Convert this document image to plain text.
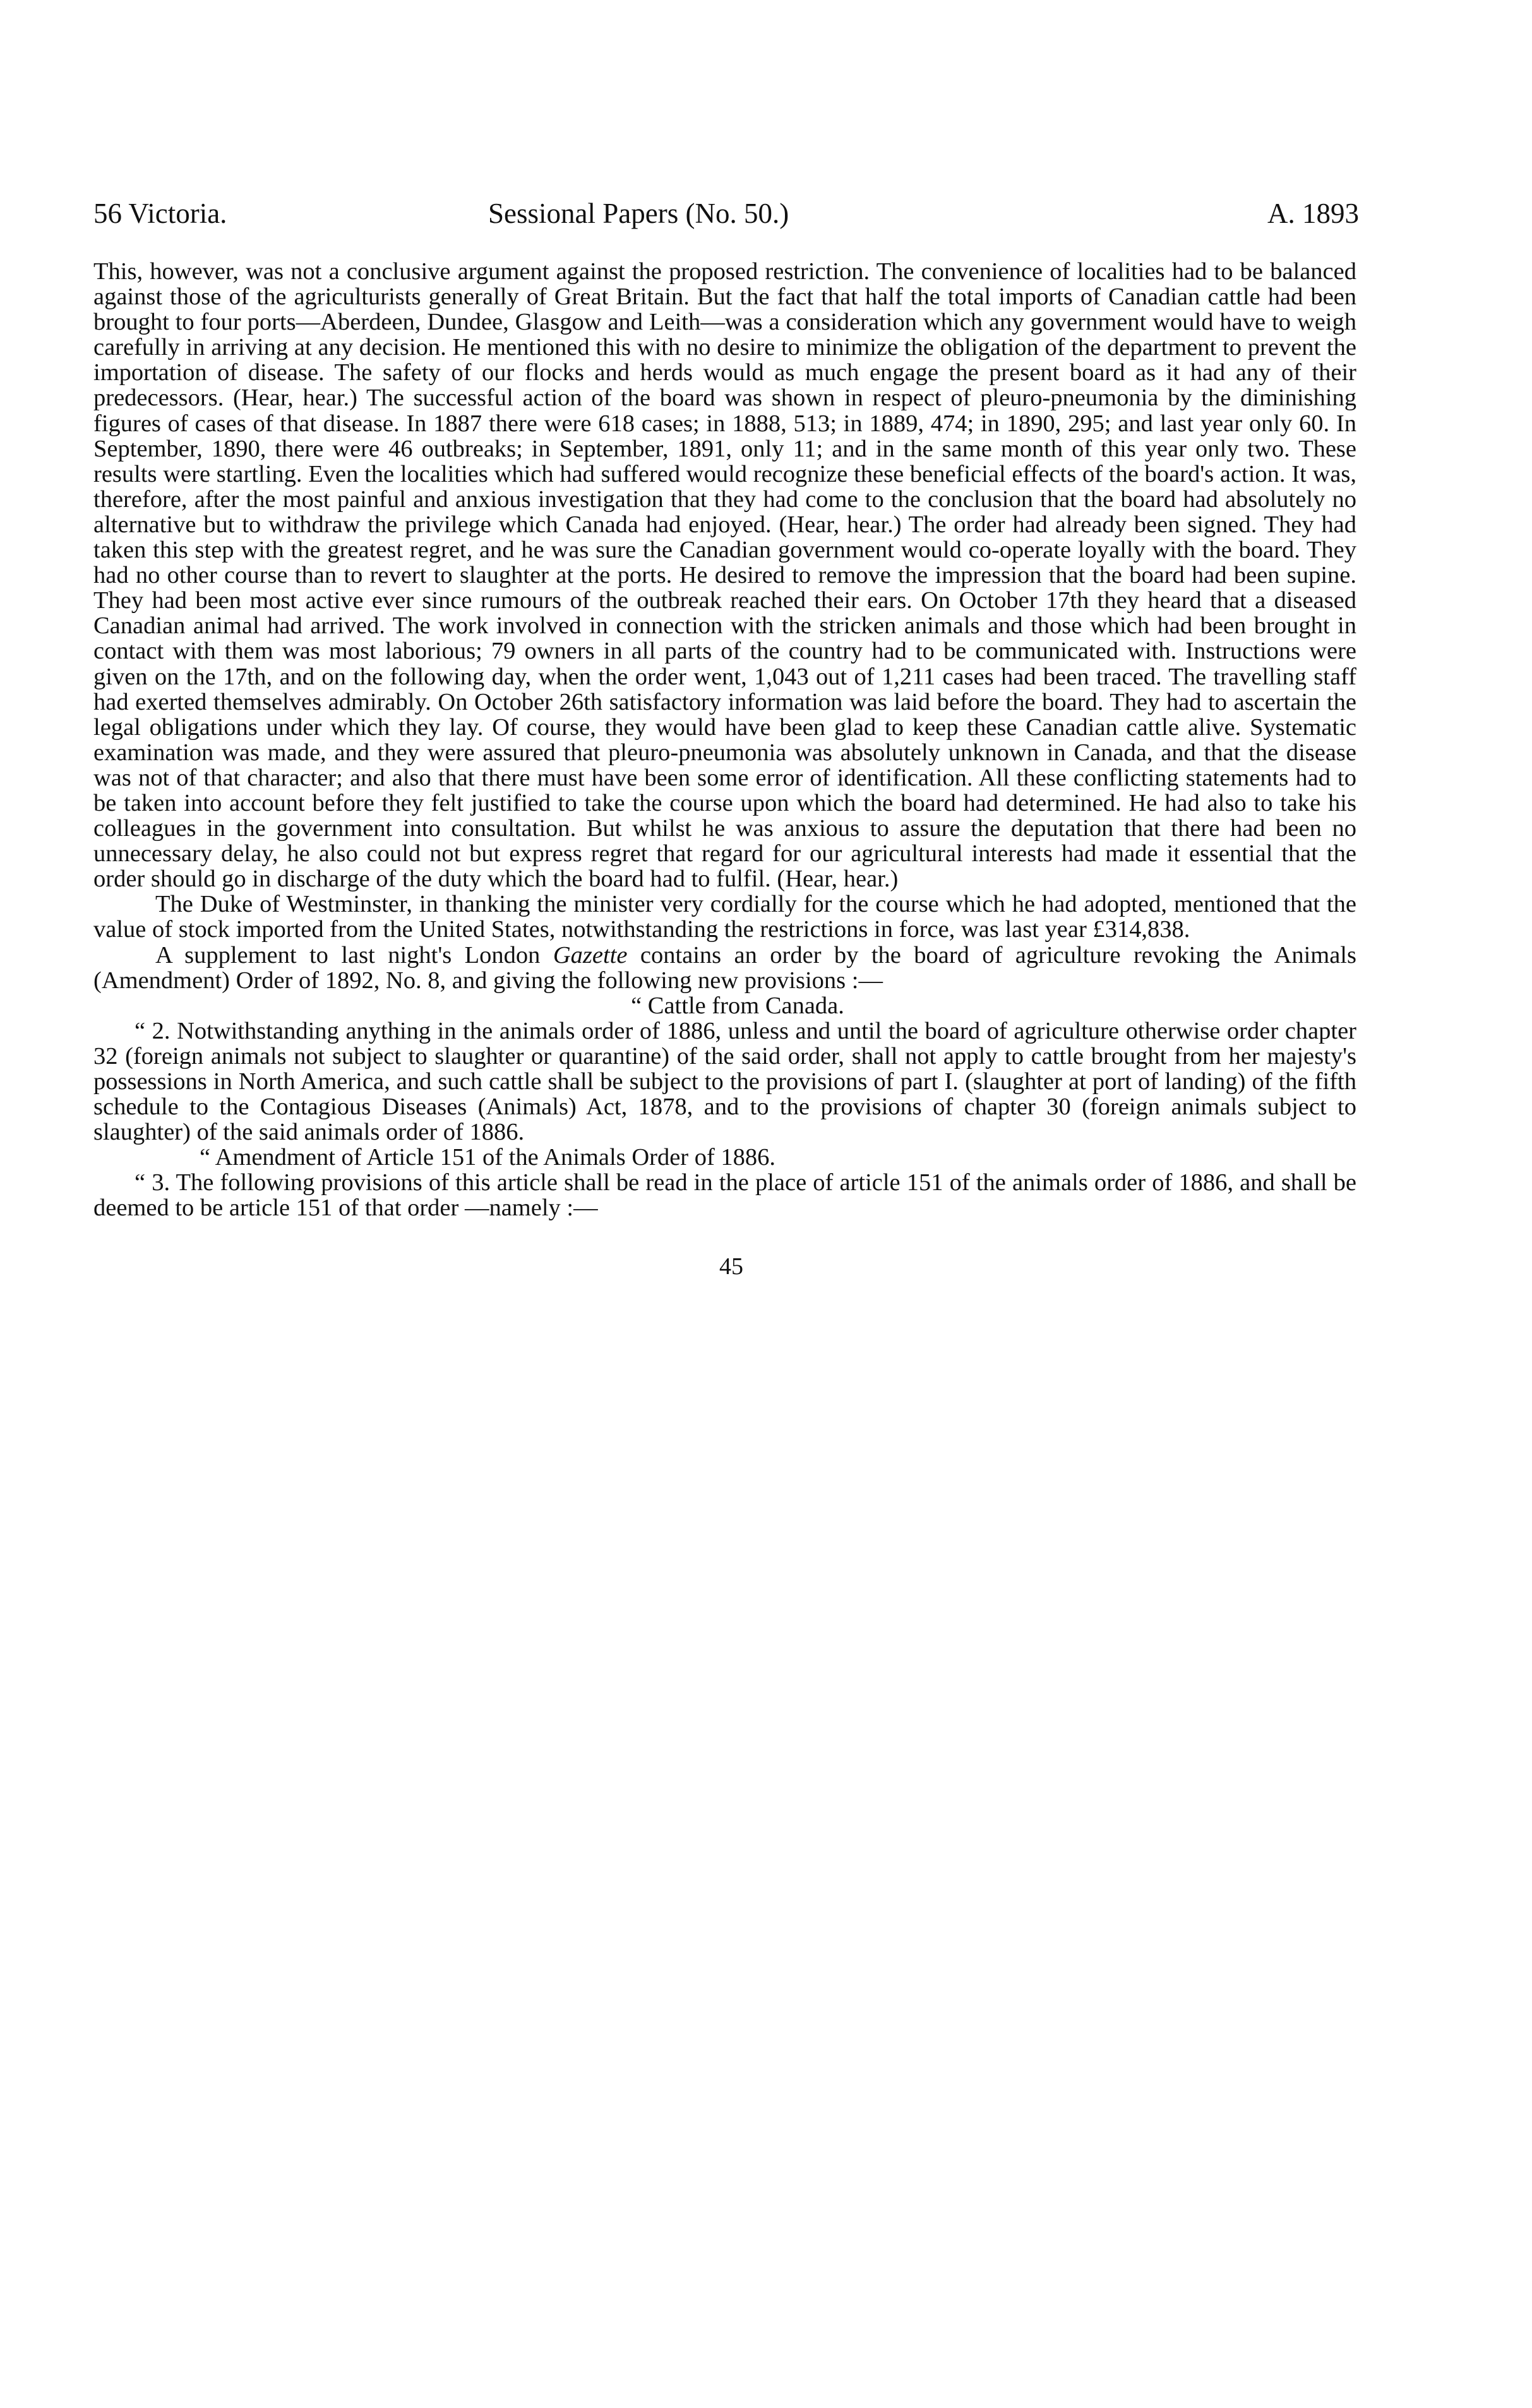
56 Victoria.	Sessional Papers (No. 50.)	A. 1893

This, however, was not a conclusive argument against the proposed restriction. The convenience of localities had to be balanced against those of the agriculturists generally of Great Britain. But the fact that half the total imports of Canadian cattle had been brought to four ports—Aberdeen, Dundee, Glasgow and Leith—was a consideration which any government would have to weigh carefully in arriving at any decision. He mentioned this with no desire to minimize the obligation of the department to prevent the importation of disease. The safety of our flocks and herds would as much engage the present board as it had any of their predecessors. (Hear, hear.) The successful action of the board was shown in respect of pleuro-pneumonia by the diminishing figures of cases of that disease. In 1887 there were 618 cases; in 1888, 513; in 1889, 474; in 1890, 295; and last year only 60. In September, 1890, there were 46 outbreaks; in September, 1891, only 11; and in the same month of this year only two. These results were startling. Even the localities which had suffered would recognize these beneficial effects of the board's action. It was, therefore, after the most painful and anxious investigation that they had come to the conclusion that the board had absolutely no alternative but to withdraw the privilege which Canada had enjoyed. (Hear, hear.) The order had already been signed. They had taken this step with the greatest regret, and he was sure the Canadian government would co-operate loyally with the board. They had no other course than to revert to slaughter at the ports. He desired to remove the impression that the board had been supine. They had been most active ever since rumours of the outbreak reached their ears. On October 17th they heard that a diseased Canadian animal had arrived. The work involved in connection with the stricken animals and those which had been brought in contact with them was most laborious; 79 owners in all parts of the country had to be communicated with. Instructions were given on the 17th, and on the following day, when the order went, 1,043 out of 1,211 cases had been traced. The travelling staff had exerted themselves admirably. On October 26th satisfactory information was laid before the board. They had to ascertain the legal obligations under which they lay. Of course, they would have been glad to keep these Canadian cattle alive. Systematic examination was made, and they were assured that pleuro-pneumonia was absolutely unknown in Canada, and that the disease was not of that character; and also that there must have been some error of identification. All these conflicting statements had to be taken into account before they felt justified to take the course upon which the board had determined. He had also to take his colleagues in the government into consultation. But whilst he was anxious to assure the deputation that there had been no unnecessary delay, he also could not but express regret that regard for our agricultural interests had made it essential that the order should go in discharge of the duty which the board had to fulfil. (Hear, hear.)

The Duke of Westminster, in thanking the minister very cordially for the course which he had adopted, mentioned that the value of stock imported from the United States, notwithstanding the restrictions in force, was last year £314,838.

A supplement to last night's London Gazette contains an order by the board of agriculture revoking the Animals (Amendment) Order of 1892, No. 8, and giving the following new provisions :—

“ Cattle from Canada.

“ 2. Notwithstanding anything in the animals order of 1886, unless and until the board of agriculture otherwise order chapter 32 (foreign animals not subject to slaughter or quarantine) of the said order, shall not apply to cattle brought from her majesty's possessions in North America, and such cattle shall be subject to the provisions of part I. (slaughter at port of landing) of the fifth schedule to the Contagious Diseases (Animals) Act, 1878, and to the provisions of chapter 30 (foreign animals subject to slaughter) of the said animals order of 1886.

“ Amendment of Article 151 of the Animals Order of 1886.

“ 3. The following provisions of this article shall be read in the place of article 151 of the animals order of 1886, and shall be deemed to be article 151 of that order —namely :—

45
